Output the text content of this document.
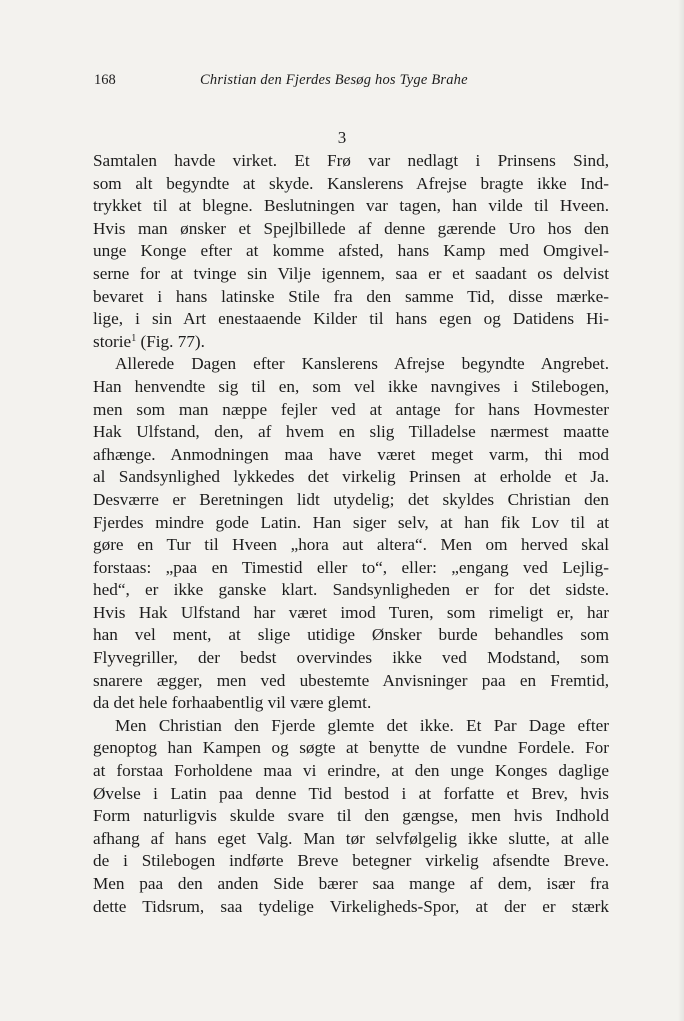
168	Christian den Fjerdes Besøg hos Tyge Brahe
3
Samtalen havde virket. Et Frø var nedlagt i Prinsens Sind,
som alt begyndte at skyde. Kanslerens Afrejse bragte ikke Ind-
trykket til at blegne. Beslutningen var tagen, han vilde til Hveen.
Hvis man ønsker et Spejlbillede af denne gærende Uro hos den
unge Konge efter at komme afsted, hans Kamp med Omgivel-
serne for at tvinge sin Vilje igennem, saa er et saadant os delvist
bevaret i hans latinske Stile fra den samme Tid, disse mærke-
lige, i sin Art enestaaende Kilder til hans egen og Datidens Hi-
storie$^1$ (Fig. 77).
Allerede Dagen efter Kanslerens Afrejse begyndte Angrebet.
Han henvendte sig til en, som vel ikke navngives i Stilebogen,
men som man næppe fejler ved at antage for hans Hovmester
Hak Ulfstand, den, af hvem en slig Tilladelse nærmest maatte
afhænge. Anmodningen maa have været meget varm, thi mod
al Sandsynlighed lykkedes det virkelig Prinsen at erholde et Ja.
Desværre er Beretningen lidt utydelig; det skyldes Christian den
Fjerdes mindre gode Latin. Han siger selv, at han fik Lov til at
gøre en Tur til Hveen „hora aut altera“. Men om herved skal
forstaas: „paa en Timestid eller to“, eller: „engang ved Lejlig-
hed“, er ikke ganske klart. Sandsynligheden er for det sidste.
Hvis Hak Ulfstand har været imod Turen, som rimeligt er, har
han vel ment, at slige utidige Ønsker burde behandles som
Flyvegriller, der bedst overvindes ikke ved Modstand, som
snarere ægger, men ved ubestemte Anvisninger paa en Fremtid,
da det hele forhaabentlig vil være glemt.
Men Christian den Fjerde glemte det ikke. Et Par Dage efter
genoptog han Kampen og søgte at benytte de vundne Fordele. For
at forstaa Forholdene maa vi erindre, at den unge Konges daglige
Øvelse i Latin paa denne Tid bestod i at forfatte et Brev, hvis
Form naturligvis skulde svare til den gængse, men hvis Indhold
afhang af hans eget Valg. Man tør selvfølgelig ikke slutte, at alle
de i Stilebogen indførte Breve betegner virkelig afsendte Breve.
Men paa den anden Side bærer saa mange af dem, især fra
dette Tidsrum, saa tydelige Virkeligheds-Spor, at der er stærk
